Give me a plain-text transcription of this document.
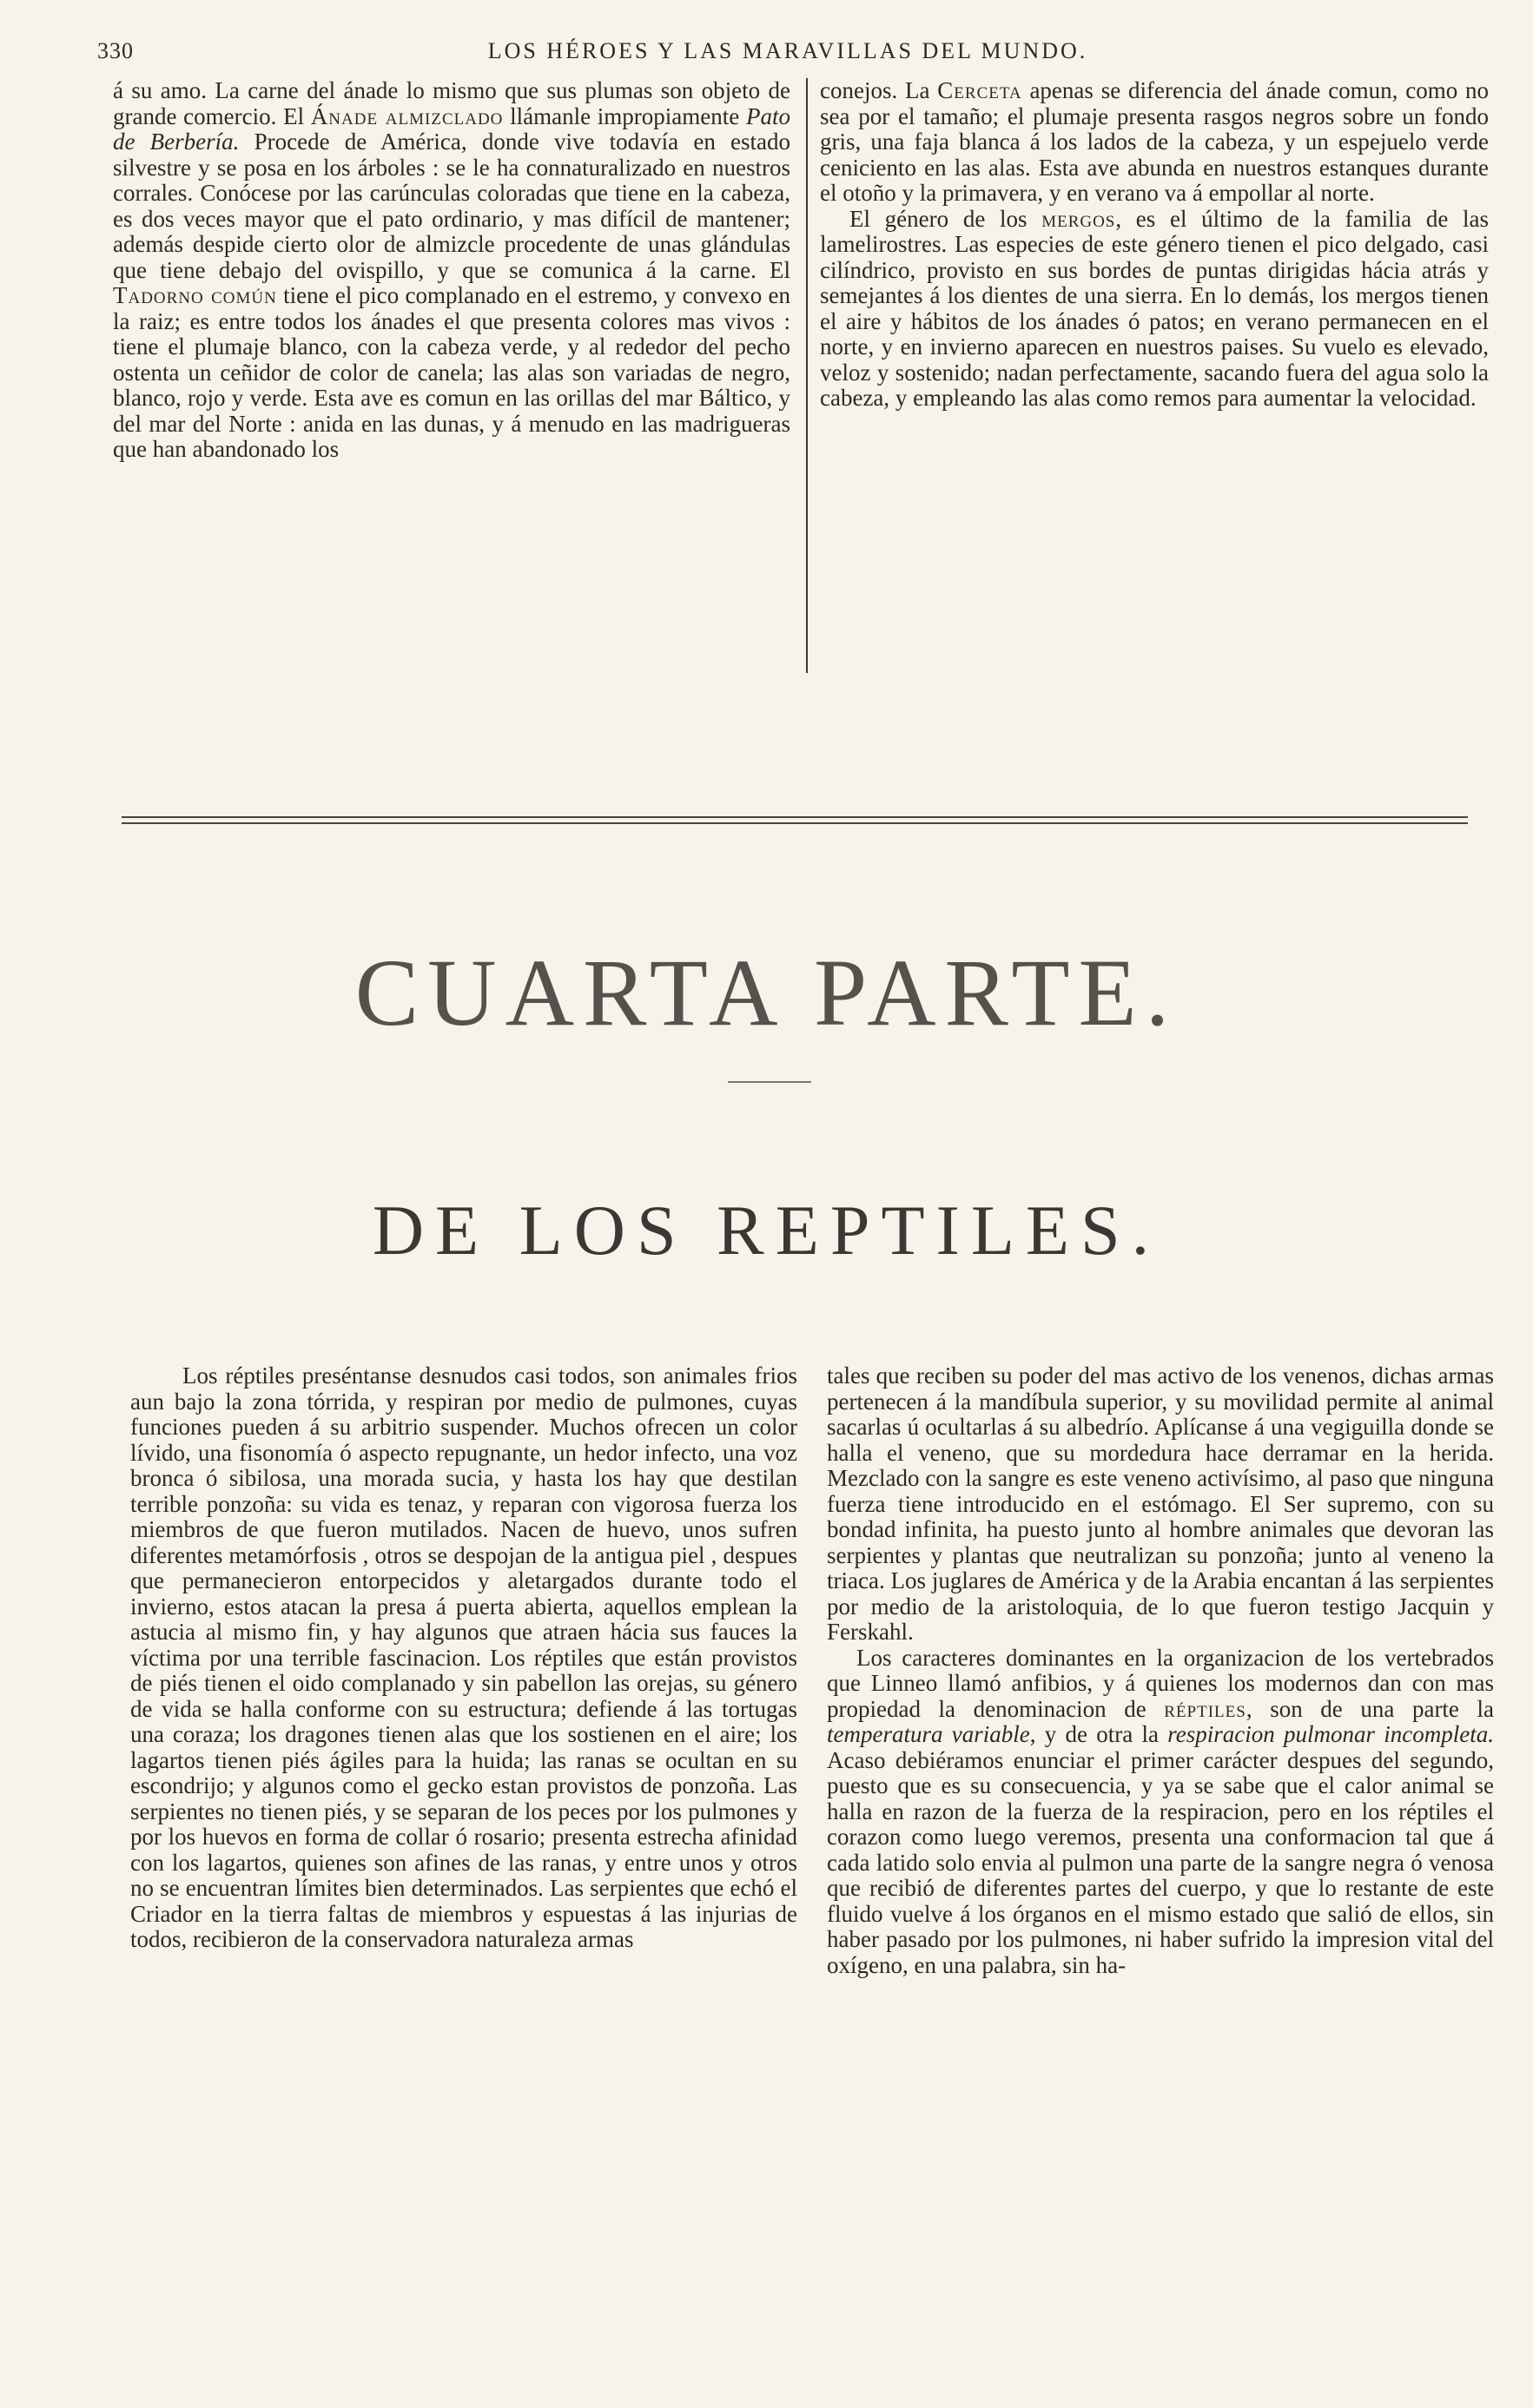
330	LOS HÉROES Y LAS MARAVILLAS DEL MUNDO.

á su amo. La carne del ánade lo mismo que sus plumas son objeto de grande comercio. El Ánade almizclado llámanle impropiamente Pato de Berbería. Procede de América, donde vive todavía en estado silvestre y se posa en los árboles : se le ha connaturalizado en nuestros corrales. Conócese por las carúnculas coloradas que tiene en la cabeza, es dos veces mayor que el pato ordinario, y mas difícil de mantener; además despide cierto olor de almizcle procedente de unas glándulas que tiene debajo del ovispillo, y que se comunica á la carne. El Tadorno común tiene el pico complanado en el estremo, y convexo en la raiz; es entre todos los ánades el que presenta colores mas vivos : tiene el plumaje blanco, con la cabeza verde, y al rededor del pecho ostenta un ceñidor de color de canela; las alas son variadas de negro, blanco, rojo y verde. Esta ave es comun en las orillas del mar Báltico, y del mar del Norte : anida en las dunas, y á menudo en las madrigueras que han abandonado los

conejos. La Cerceta apenas se diferencia del ánade comun, como no sea por el tamaño; el plumaje presenta rasgos negros sobre un fondo gris, una faja blanca á los lados de la cabeza, y un espejuelo verde ceniciento en las alas. Esta ave abunda en nuestros estanques durante el otoño y la primavera, y en verano va á empollar al norte.

El género de los mergos, es el último de la familia de las lamelirostres. Las especies de este género tienen el pico delgado, casi cilíndrico, provisto en sus bordes de puntas dirigidas hácia atrás y semejantes á los dientes de una sierra. En lo demás, los mergos tienen el aire y hábitos de los ánades ó patos; en verano permanecen en el norte, y en invierno aparecen en nuestros paises. Su vuelo es elevado, veloz y sostenido; nadan perfectamente, sacando fuera del agua solo la cabeza, y empleando las alas como remos para aumentar la velocidad.

CUARTA PARTE.
DE LOS REPTILES.

Los réptiles preséntanse desnudos casi todos, son animales frios aun bajo la zona tórrida, y respiran por medio de pulmones, cuyas funciones pueden á su arbitrio suspender. Muchos ofrecen un color lívido, una fisonomía ó aspecto repugnante, un hedor infecto, una voz bronca ó sibilosa, una morada sucia, y hasta los hay que destilan terrible ponzoña: su vida es tenaz, y reparan con vigorosa fuerza los miembros de que fueron mutilados. Nacen de huevo, unos sufren diferentes metamórfosis , otros se despojan de la antigua piel , despues que permanecieron entorpecidos y aletargados durante todo el invierno, estos atacan la presa á puerta abierta, aquellos emplean la astucia al mismo fin, y hay algunos que atraen hácia sus fauces la víctima por una terrible fascinacion. Los réptiles que están provistos de piés tienen el oido complanado y sin pabellon las orejas, su género de vida se halla conforme con su estructura; defiende á las tortugas una coraza; los dragones tienen alas que los sostienen en el aire; los lagartos tienen piés ágiles para la huida; las ranas se ocultan en su escondrijo; y algunos como el gecko estan provistos de ponzoña. Las serpientes no tienen piés, y se separan de los peces por los pulmones y por los huevos en forma de collar ó rosario; presenta estrecha afinidad con los lagartos, quienes son afines de las ranas, y entre unos y otros no se encuentran límites bien determinados. Las serpientes que echó el Criador en la tierra faltas de miembros y espuestas á las injurias de todos, recibieron de la conservadora naturaleza armas

tales que reciben su poder del mas activo de los venenos, dichas armas pertenecen á la mandíbula superior, y su movilidad permite al animal sacarlas ú ocultarlas á su albedrío. Aplícanse á una vegiguilla donde se halla el veneno, que su mordedura hace derramar en la herida. Mezclado con la sangre es este veneno activísimo, al paso que ninguna fuerza tiene introducido en el estómago. El Ser supremo, con su bondad infinita, ha puesto junto al hombre animales que devoran las serpientes y plantas que neutralizan su ponzoña; junto al veneno la triaca. Los juglares de América y de la Arabia encantan á las serpientes por medio de la aristoloquia, de lo que fueron testigo Jacquin y Ferskahl.

Los caracteres dominantes en la organizacion de los vertebrados que Linneo llamó anfibios, y á quienes los modernos dan con mas propiedad la denominacion de réptiles, son de una parte la temperatura variable, y de otra la respiracion pulmonar incompleta. Acaso debiéramos enunciar el primer carácter despues del segundo, puesto que es su consecuencia, y ya se sabe que el calor animal se halla en razon de la fuerza de la respiracion, pero en los réptiles el corazon como luego veremos, presenta una conformacion tal que á cada latido solo envia al pulmon una parte de la sangre negra ó venosa que recibió de diferentes partes del cuerpo, y que lo restante de este fluido vuelve á los órganos en el mismo estado que salió de ellos, sin haber pasado por los pulmones, ni haber sufrido la impresion vital del oxígeno, en una palabra, sin ha-
